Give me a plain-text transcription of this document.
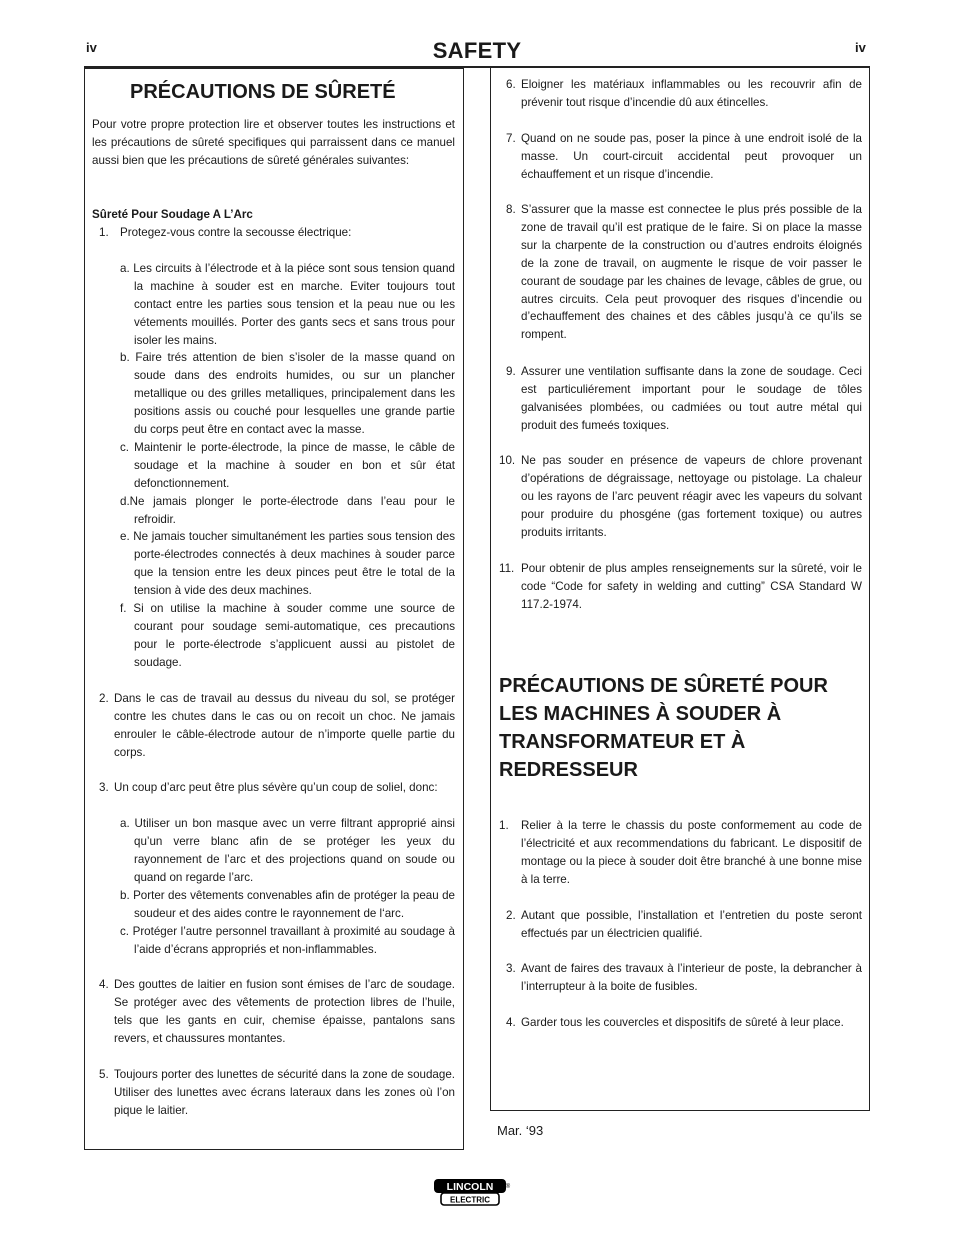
iv	SAFETY	iv
PRÉCAUTIONS DE SÛRETÉ
Pour votre propre protection lire et observer toutes les instructions et les précautions de sûreté specifiques qui parraissent dans ce manuel aussi bien que les précautions de sûreté générales suivantes:
Sûreté Pour Soudage A L’Arc
1. Protegez-vous contre la secousse électrique:
a. Les circuits à l’électrode et à la piéce sont sous tension quand la machine à souder est en marche. Eviter toujours tout contact entre les parties sous tension et la peau nue ou les vétements mouillés. Porter des gants secs et sans trous pour isoler les mains.
b. Faire trés attention de bien s’isoler de la masse quand on soude dans des endroits humides, ou sur un plancher metallique ou des grilles metalliques, principalement dans les positions assis ou couché pour lesquelles une grande partie du corps peut être en contact avec la masse.
c. Maintenir le porte-électrode, la pince de masse, le câble de soudage et la machine à souder en bon et sûr état defonctionnement.
d.Ne jamais plonger le porte-électrode dans l’eau pour le refroidir.
e. Ne jamais toucher simultanément les parties sous tension des porte-électrodes connectés à deux machines à souder parce que la tension entre les deux pinces peut être le total de la tension à vide des deux machines.
f. Si on utilise la machine à souder comme une source de courant pour soudage semi-automatique, ces precautions pour le porte-électrode s’applicuent aussi au pistolet de soudage.
2. Dans le cas de travail au dessus du niveau du sol, se protéger contre les chutes dans le cas ou on recoit un choc. Ne jamais enrouler le câble-électrode autour de n’importe quelle partie du corps.
3. Un coup d’arc peut être plus sévère qu’un coup de soliel, donc:
a. Utiliser un bon masque avec un verre filtrant approprié ainsi qu’un verre blanc afin de se protéger les yeux du rayonnement de l’arc et des projections quand on soude ou quand on regarde l’arc.
b. Porter des vêtements convenables afin de protéger la peau de soudeur et des aides contre le rayonnement de l‘arc.
c. Protéger l’autre personnel travaillant à proximité au soudage à l’aide d’écrans appropriés et non-inflammables.
4. Des gouttes de laitier en fusion sont émises de l’arc de soudage. Se protéger avec des vêtements de protection libres de l’huile, tels que les gants en cuir, chemise épaisse, pantalons sans revers, et chaussures montantes.
5. Toujours porter des lunettes de sécurité dans la zone de soudage. Utiliser des lunettes avec écrans lateraux dans les zones où l’on pique le laitier.
6. Eloigner les matériaux inflammables ou les recouvrir afin de prévenir tout risque d’incendie dû aux étincelles.
7. Quand on ne soude pas, poser la pince à une endroit isolé de la masse. Un court-circuit accidental peut provoquer un échauffement et un risque d’incendie.
8. S’assurer que la masse est connectee le plus prés possible de la zone de travail qu’il est pratique de le faire. Si on place la masse sur la charpente de la construction ou d’autres endroits éloignés de la zone de travail, on augmente le risque de voir passer le courant de soudage par les chaines de levage, câbles de grue, ou autres circuits. Cela peut provoquer des risques d’incendie ou d’echauffement des chaines et des câbles jusqu’à ce qu’ils se rompent.
9. Assurer une ventilation suffisante dans la zone de soudage. Ceci est particuliérement important pour le soudage de tôles galvanisées plombées, ou cadmiées ou tout autre métal qui produit des fumeés toxiques.
10. Ne pas souder en présence de vapeurs de chlore provenant d’opérations de dégraissage, nettoyage ou pistolage. La chaleur ou les rayons de l’arc peuvent réagir avec les vapeurs du solvant pour produire du phosgéne (gas fortement toxique) ou autres produits irritants.
11. Pour obtenir de plus amples renseignements sur la sûreté, voir le code “Code for safety in welding and cutting” CSA Standard W 117.2-1974.
PRÉCAUTIONS DE SÛRETÉ POUR
LES MACHINES À SOUDER À
TRANSFORMATEUR ET À
REDRESSEUR
1. Relier à la terre le chassis du poste conformement au code de l’électricité et aux recommendations du fabricant. Le dispositif de montage ou la piece à souder doit être branché à une bonne mise à la terre.
2. Autant que possible, l’installation et l’entretien du poste seront effectués par un électricien qualifié.
3. Avant de faires des travaux à l’interieur de poste, la debrancher à l’interrupteur à la boite de fusibles.
4. Garder tous les couvercles et dispositifs de sûreté à leur place.
Mar. ‘93
LINCOLN ®
ELECTRIC
